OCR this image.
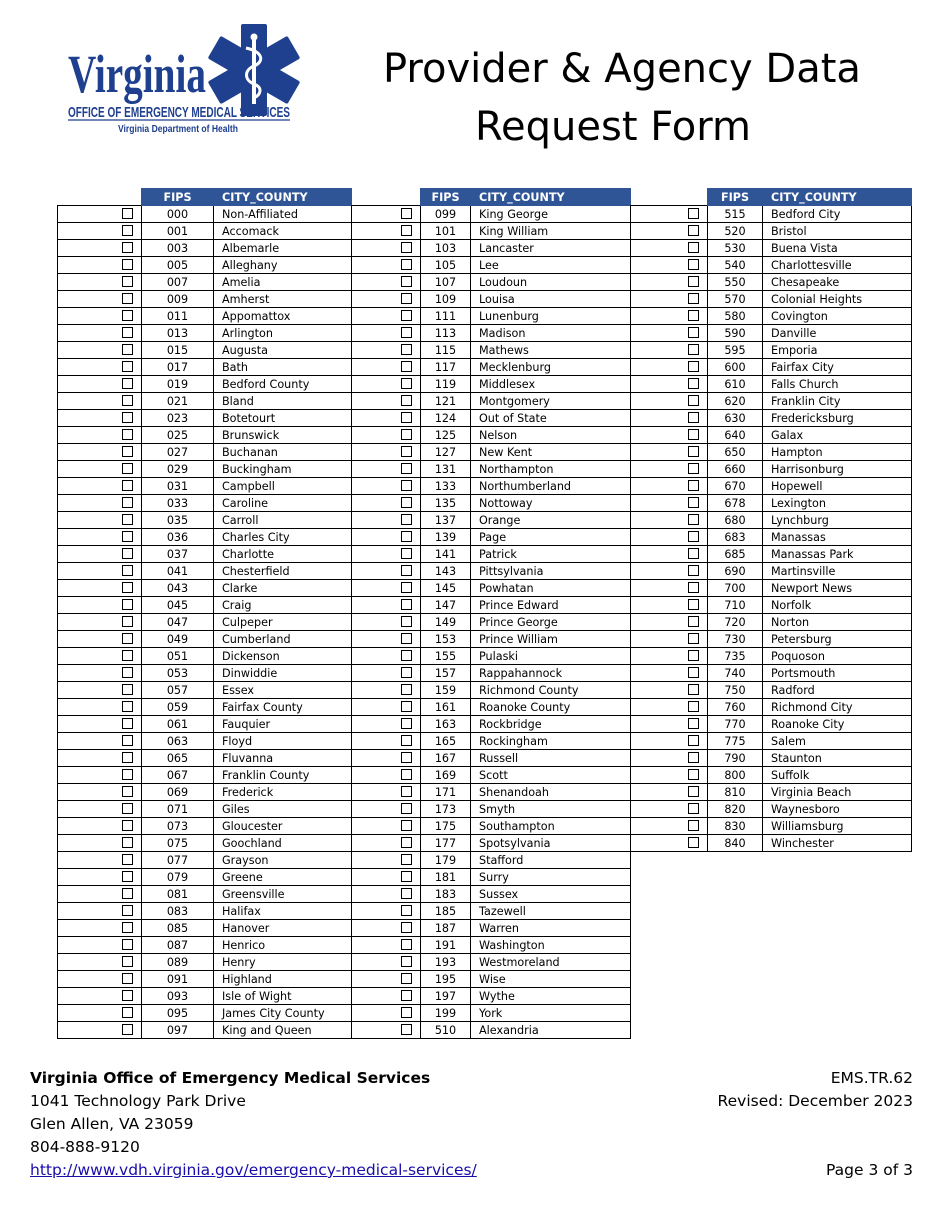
Virginia
OFFICE OF EMERGENCY MEDICAL SERVICES
Virginia Department of Health
Provider & Agency Data
Request Form
	FIPS	CITY_COUNTY
	000	Non-Affiliated
	001	Accomack
	003	Albemarle
	005	Alleghany
	007	Amelia
	009	Amherst
	011	Appomattox
	013	Arlington
	015	Augusta
	017	Bath
	019	Bedford County
	021	Bland
	023	Botetourt
	025	Brunswick
	027	Buchanan
	029	Buckingham
	031	Campbell
	033	Caroline
	035	Carroll
	036	Charles City
	037	Charlotte
	041	Chesterfield
	043	Clarke
	045	Craig
	047	Culpeper
	049	Cumberland
	051	Dickenson
	053	Dinwiddie
	057	Essex
	059	Fairfax County
	061	Fauquier
	063	Floyd
	065	Fluvanna
	067	Franklin County
	069	Frederick
	071	Giles
	073	Gloucester
	075	Goochland
	077	Grayson
	079	Greene
	081	Greensville
	083	Halifax
	085	Hanover
	087	Henrico
	089	Henry
	091	Highland
	093	Isle of Wight
	095	James City County
	097	King and Queen
	FIPS	CITY_COUNTY
	099	King George
	101	King William
	103	Lancaster
	105	Lee
	107	Loudoun
	109	Louisa
	111	Lunenburg
	113	Madison
	115	Mathews
	117	Mecklenburg
	119	Middlesex
	121	Montgomery
	124	Out of State
	125	Nelson
	127	New Kent
	131	Northampton
	133	Northumberland
	135	Nottoway
	137	Orange
	139	Page
	141	Patrick
	143	Pittsylvania
	145	Powhatan
	147	Prince Edward
	149	Prince George
	153	Prince William
	155	Pulaski
	157	Rappahannock
	159	Richmond County
	161	Roanoke County
	163	Rockbridge
	165	Rockingham
	167	Russell
	169	Scott
	171	Shenandoah
	173	Smyth
	175	Southampton
	177	Spotsylvania
	179	Stafford
	181	Surry
	183	Sussex
	185	Tazewell
	187	Warren
	191	Washington
	193	Westmoreland
	195	Wise
	197	Wythe
	199	York
	510	Alexandria
	FIPS	CITY_COUNTY
	515	Bedford City
	520	Bristol
	530	Buena Vista
	540	Charlottesville
	550	Chesapeake
	570	Colonial Heights
	580	Covington
	590	Danville
	595	Emporia
	600	Fairfax City
	610	Falls Church
	620	Franklin City
	630	Fredericksburg
	640	Galax
	650	Hampton
	660	Harrisonburg
	670	Hopewell
	678	Lexington
	680	Lynchburg
	683	Manassas
	685	Manassas Park
	690	Martinsville
	700	Newport News
	710	Norfolk
	720	Norton
	730	Petersburg
	735	Poquoson
	740	Portsmouth
	750	Radford
	760	Richmond City
	770	Roanoke City
	775	Salem
	790	Staunton
	800	Suffolk
	810	Virginia Beach
	820	Waynesboro
	830	Williamsburg
	840	Winchester
Virginia Office of Emergency Medical Services
1041 Technology Park Drive
Glen Allen, VA 23059
804-888-9120
http://www.vdh.virginia.gov/emergency-medical-services/
EMS.TR.62
Revised: December 2023

Page 3 of 3
